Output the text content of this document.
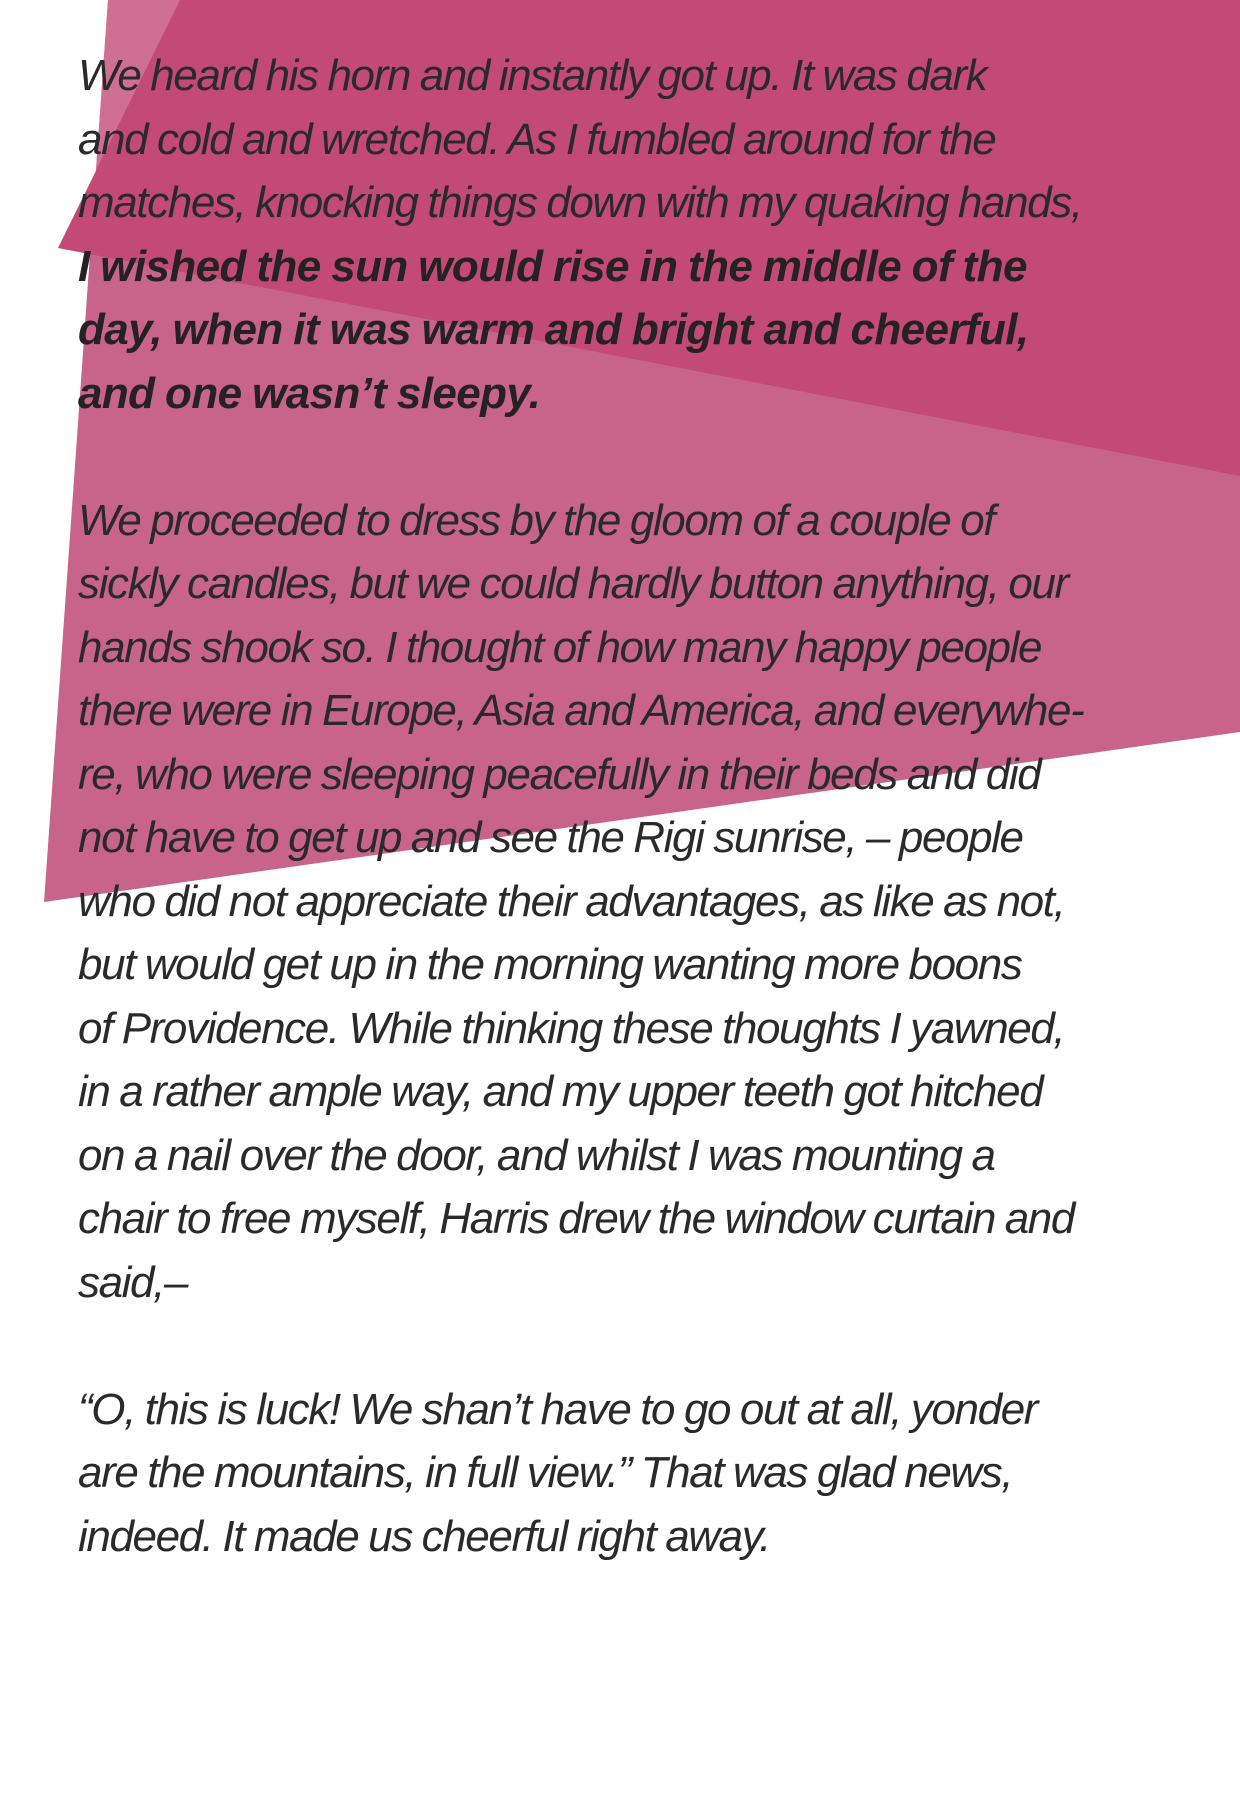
We heard his horn and instantly got up. It was dark
and cold and wretched. As I fumbled around for the
matches, knocking things down with my quaking hands,
I wished the sun would rise in the middle of the
day, when it was warm and bright and cheerful,
and one wasn’t sleepy.
We proceeded to dress by the gloom of a couple of
sickly candles, but we could hardly button anything, our
hands shook so. I thought of how many happy people
there were in Europe, Asia and America, and everywhe-
re, who were sleeping peacefully in their beds and did
not have to get up and see the Rigi sunrise, – people
who did not appreciate their advantages, as like as not,
but would get up in the morning wanting more boons
of Providence. While thinking these thoughts I yawned,
in a rather ample way, and my upper teeth got hitched
on a nail over the door, and whilst I was mounting a
chair to free myself, Harris drew the window curtain and
said,–
“O, this is luck! We shan’t have to go out at all, yonder
are the mountains, in full view.” That was glad news,
indeed. It made us cheerful right away.
